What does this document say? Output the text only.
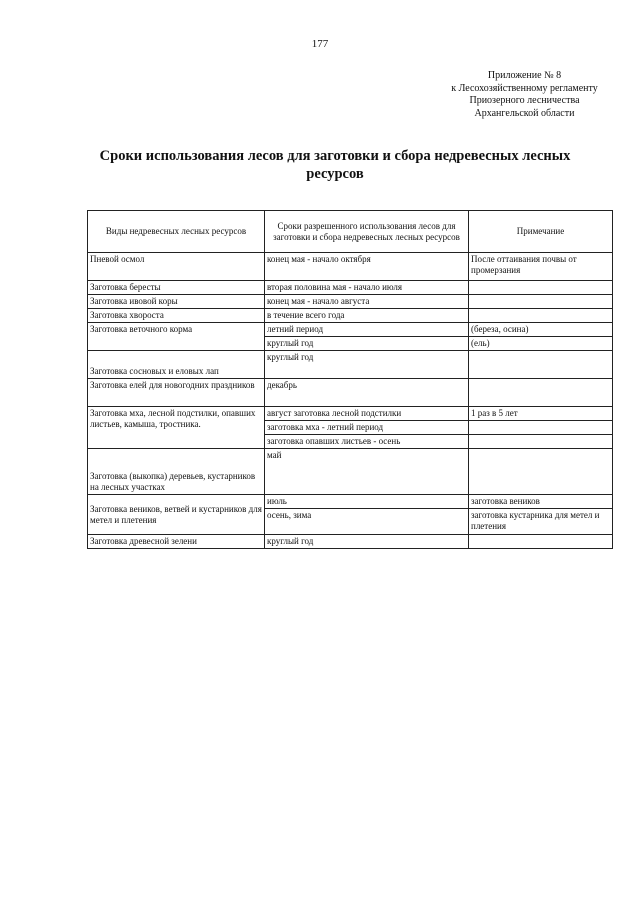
177
Приложение № 8
к Лесохозяйственному регламенту
Приозерного лесничества
Архангельской области
Сроки использования лесов для заготовки и сбора недревесных лесных ресурсов
Виды недревесных лесных ресурсов	Сроки разрешенного использования лесов для заготовки и сбора недревесных лесных ресурсов	Примечание
Пневой осмол	конец мая - начало октября	После оттаивания почвы от промерзания
Заготовка бересты	вторая половина мая - начало июля	
Заготовка ивовой коры	конец мая - начало августа	
Заготовка хвороста	в течение всего года	
Заготовка веточного корма	летний период	(береза, осина)
	круглый год	(ель)
Заготовка сосновых и еловых лап	круглый год	
Заготовка елей для новогодних праздников	декабрь	
Заготовка мха, лесной подстилки, опавших листьев, камыша, тростника.	август заготовка лесной подстилки	1 раз в 5 лет
	заготовка мха - летний период	
	заготовка опавших листьев - осень	
Заготовка (выкопка) деревьев, кустарников на лесных участках	май	
Заготовка веников, ветвей и кустарников для метел и плетения	июль	заготовка веников
	осень, зима	заготовка кустарника для метел и плетения
Заготовка древесной зелени	круглый год	
